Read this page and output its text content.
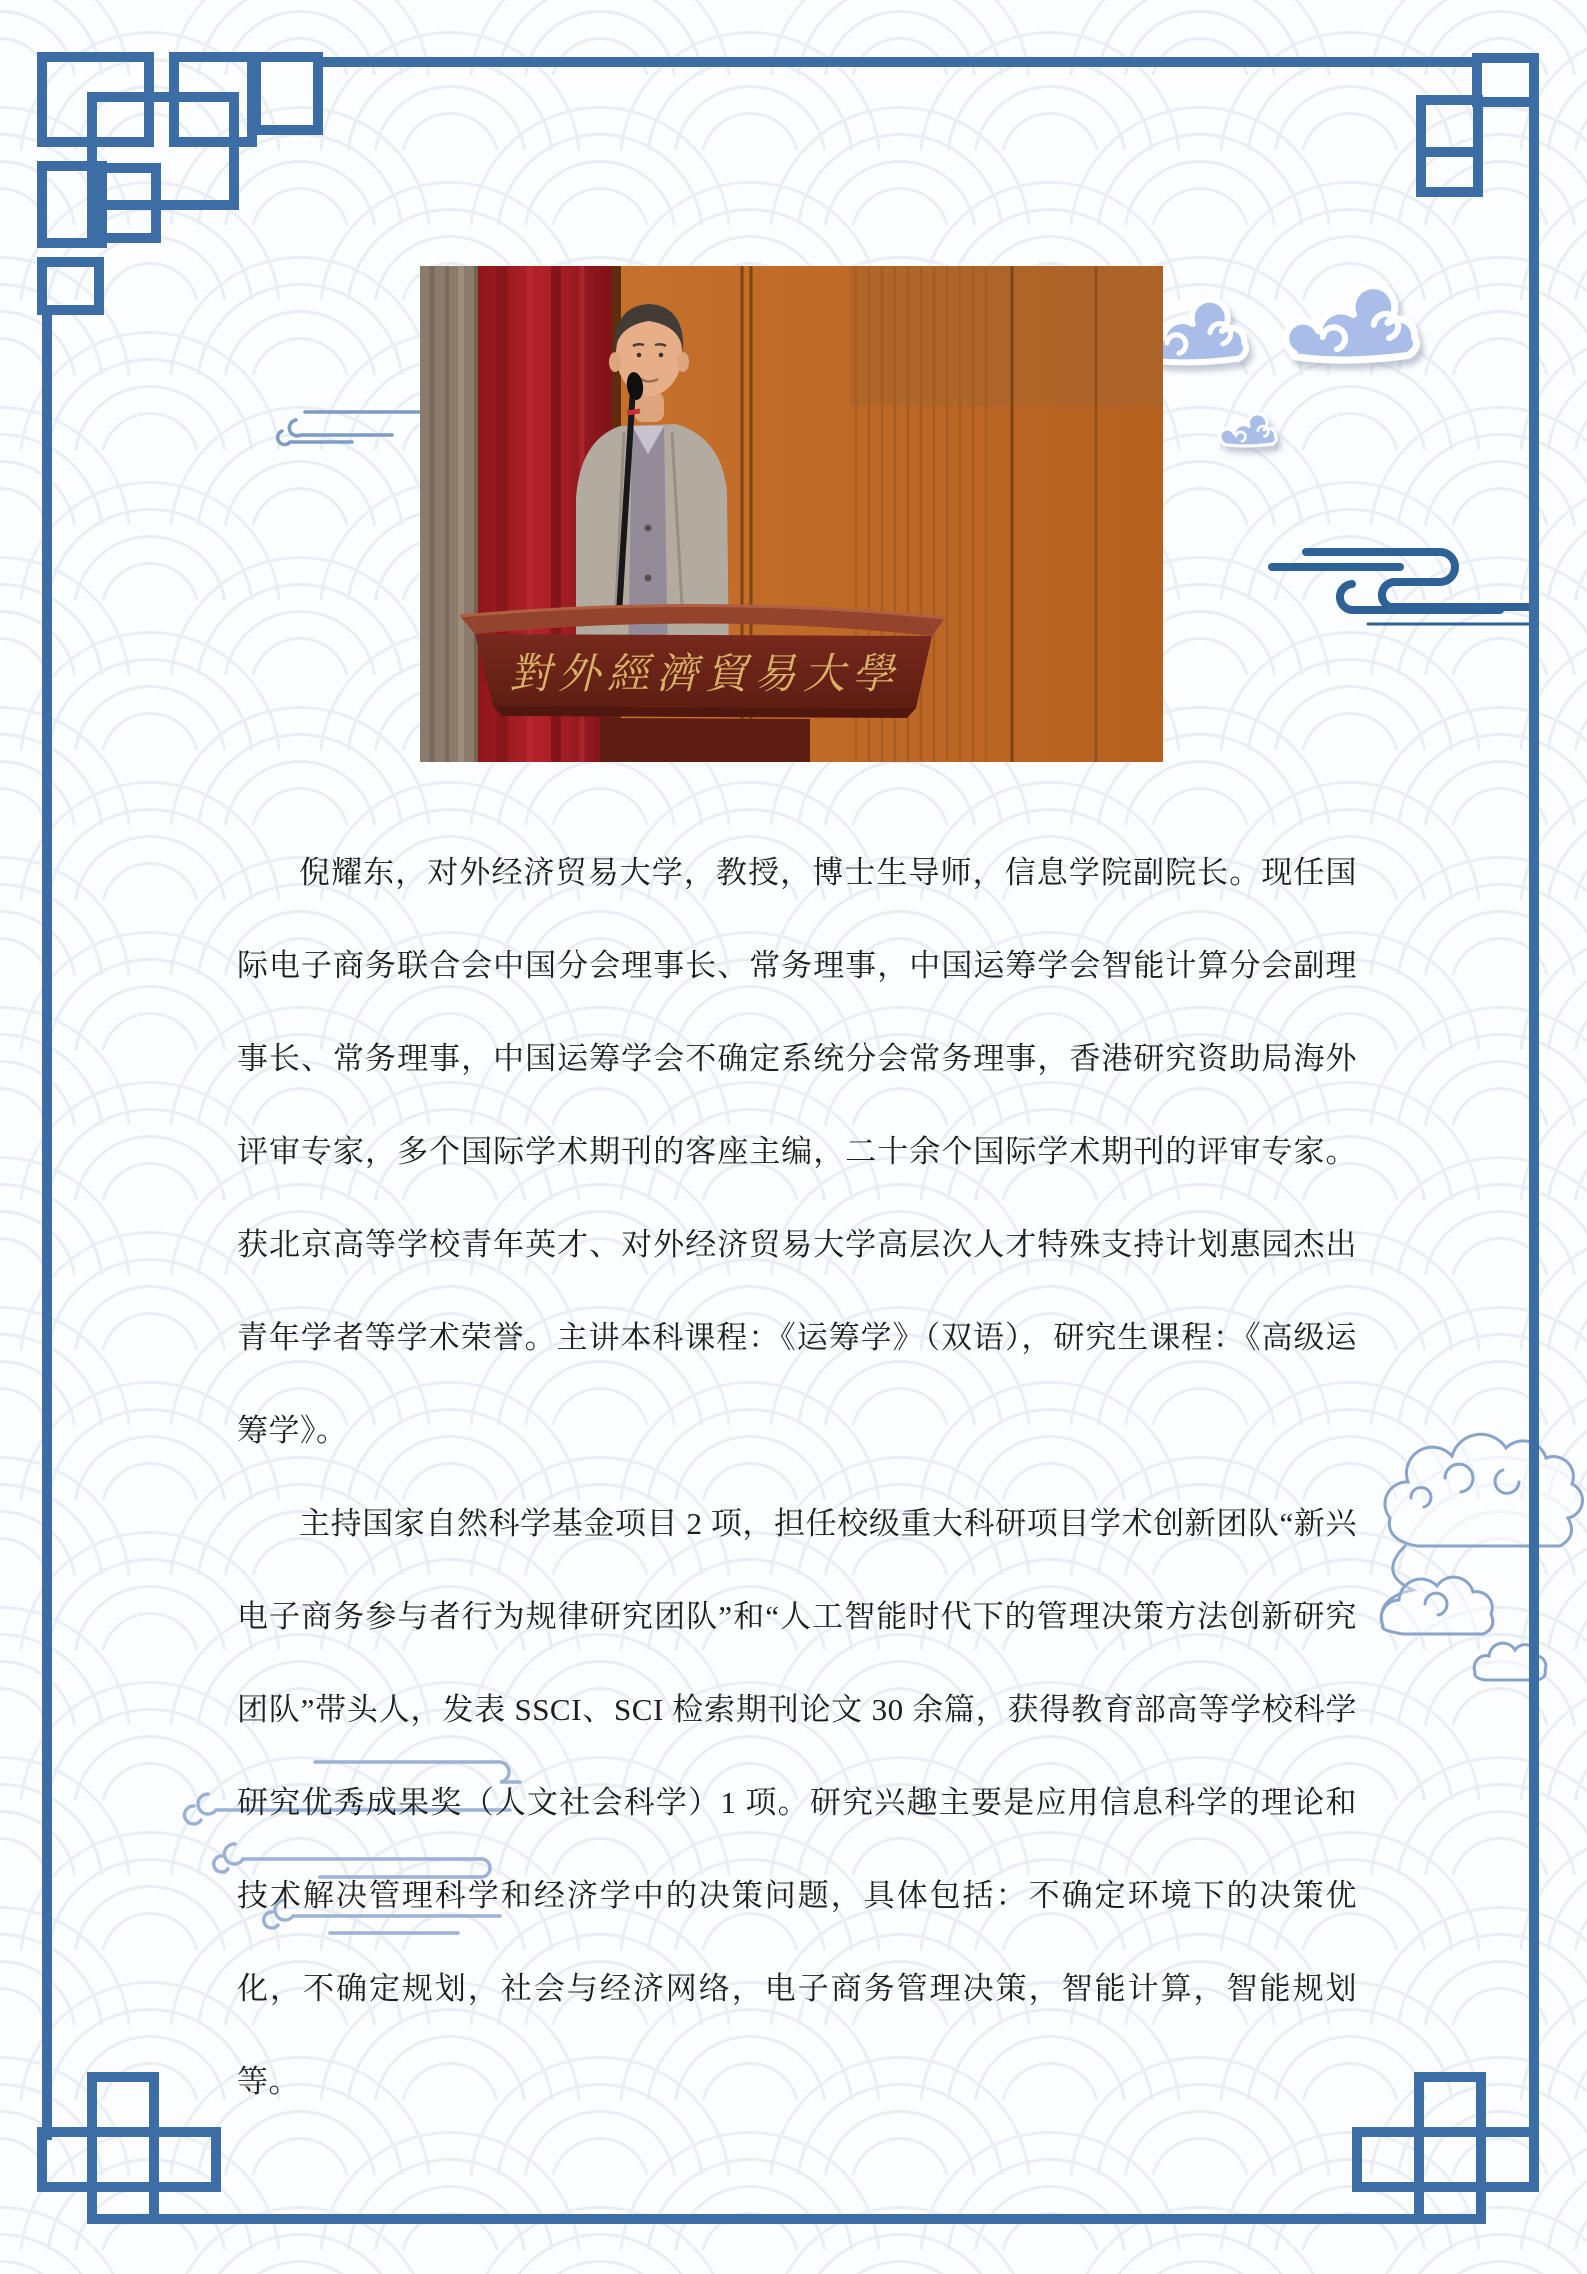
對外經濟貿易大學

倪耀东，对外经济贸易大学，教授，博士生导师，信息学院副院长。现任国际电子商务联合会中国分会理事长、常务理事，中国运筹学会智能计算分会副理事长、常务理事，中国运筹学会不确定系统分会常务理事，香港研究资助局海外评审专家，多个国际学术期刊的客座主编，二十余个国际学术期刊的评审专家。获北京高等学校青年英才、对外经济贸易大学高层次人才特殊支持计划惠园杰出青年学者等学术荣誉。主讲本科课程：《运筹学》（双语），研究生课程：《高级运筹学》。

主持国家自然科学基金项目 2 项，担任校级重大科研项目学术创新团队“新兴电子商务参与者行为规律研究团队”和“人工智能时代下的管理决策方法创新研究团队”带头人，发表 SSCI、SCI 检索期刊论文 30 余篇，获得教育部高等学校科学研究优秀成果奖（人文社会科学）1 项。研究兴趣主要是应用信息科学的理论和技术解决管理科学和经济学中的决策问题，具体包括：不确定环境下的决策优化，不确定规划，社会与经济网络，电子商务管理决策，智能计算，智能规划等。
